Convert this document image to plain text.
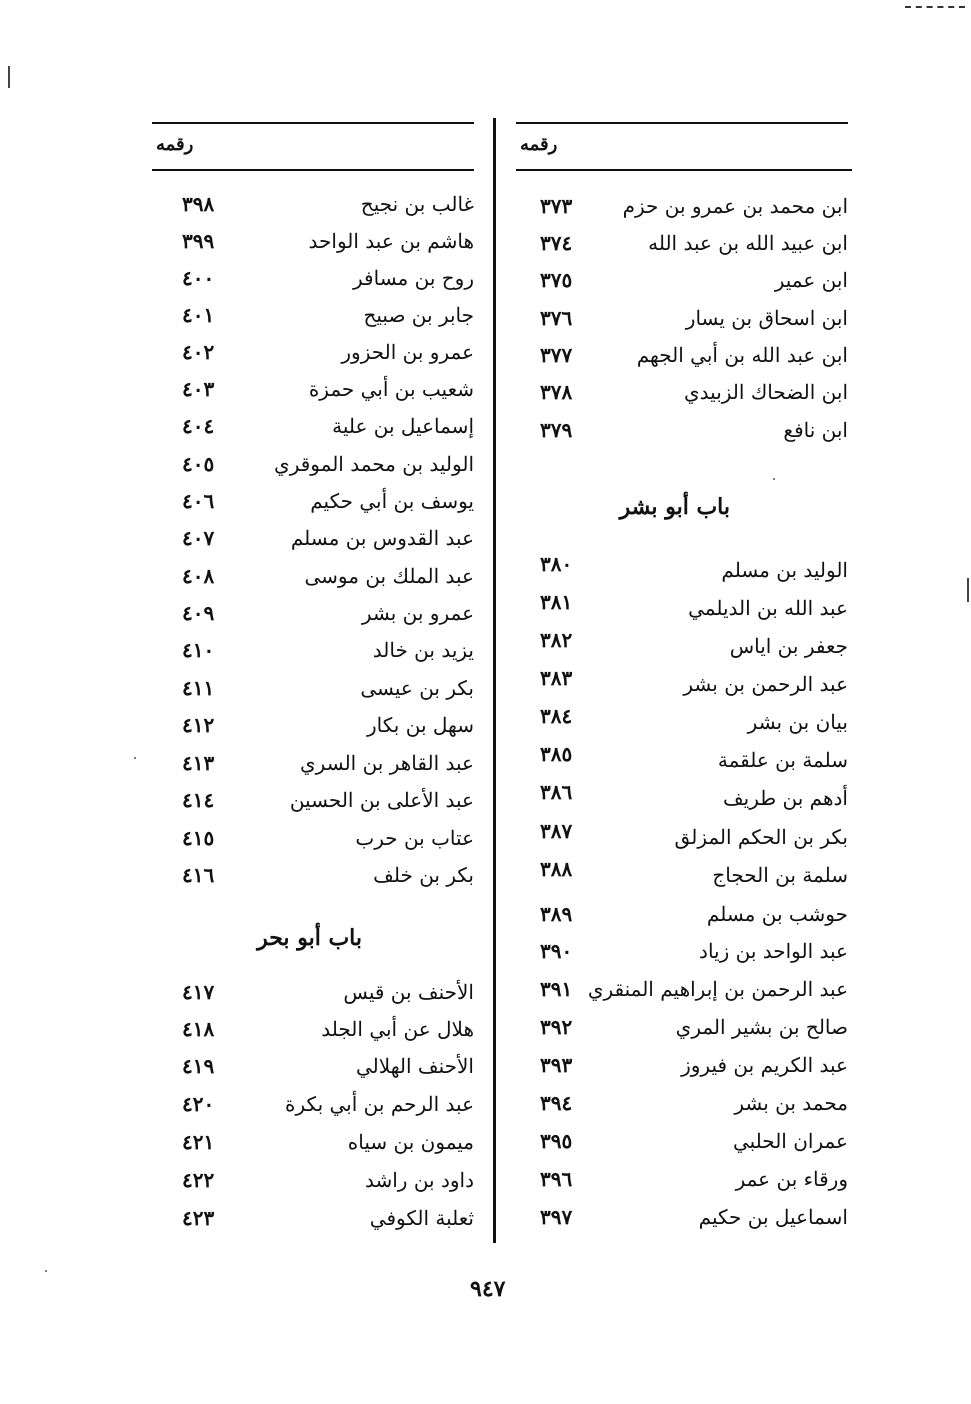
رقمه
ابن محمد بن عمرو بن حزم
٣٧٣
ابن عبيد الله بن عبد الله
٣٧٤
ابن عمير
٣٧٥
ابن اسحاق بن يسار
٣٧٦
ابن عبد الله بن أبي الجهم
٣٧٧
ابن الضحاك الزبيدي
٣٧٨
ابن نافع
٣٧٩
باب أبو بشر
الوليد بن مسلم
٣٨٠
عبد الله بن الديلمي
٣٨١
جعفر بن اياس
٣٨٢
عبد الرحمن بن بشر
٣٨٣
بيان بن بشر
٣٨٤
سلمة بن علقمة
٣٨٥
أدهم بن طريف
٣٨٦
بكر بن الحكم المزلق
٣٨٧
سلمة بن الحجاج
٣٨٨
حوشب بن مسلم
٣٨٩
عبد الواحد بن زياد
٣٩٠
عبد الرحمن بن إبراهيم المنقري
٣٩١
صالح بن بشير المري
٣٩٢
عبد الكريم بن فيروز
٣٩٣
محمد بن بشر
٣٩٤
عمران الحلبي
٣٩٥
ورقاء بن عمر
٣٩٦
اسماعيل بن حكيم
٣٩٧
رقمه
غالب بن نجيح
٣٩٨
هاشم بن عبد الواحد
٣٩٩
روح بن مسافر
٤٠٠
جابر بن صبيح
٤٠١
عمرو بن الحزور
٤٠٢
شعيب بن أبي حمزة
٤٠٣
إسماعيل بن علية
٤٠٤
الوليد بن محمد الموقري
٤٠٥
يوسف بن أبي حكيم
٤٠٦
عبد القدوس بن مسلم
٤٠٧
عبد الملك بن موسى
٤٠٨
عمرو بن بشر
٤٠٩
يزيد بن خالد
٤١٠
بكر بن عيسى
٤١١
سهل بن بكار
٤١٢
عبد القاهر بن السري
٤١٣
عبد الأعلى بن الحسين
٤١٤
عتاب بن حرب
٤١٥
بكر بن خلف
٤١٦
باب أبو بحر
الأحنف بن قيس
٤١٧
هلال عن أبي الجلد
٤١٨
الأحنف الهلالي
٤١٩
عبد الرحم بن أبي بكرة
٤٢٠
ميمون بن سياه
٤٢١
داود بن راشد
٤٢٢
ثعلبة الكوفي
٤٢٣
٩٤٧
